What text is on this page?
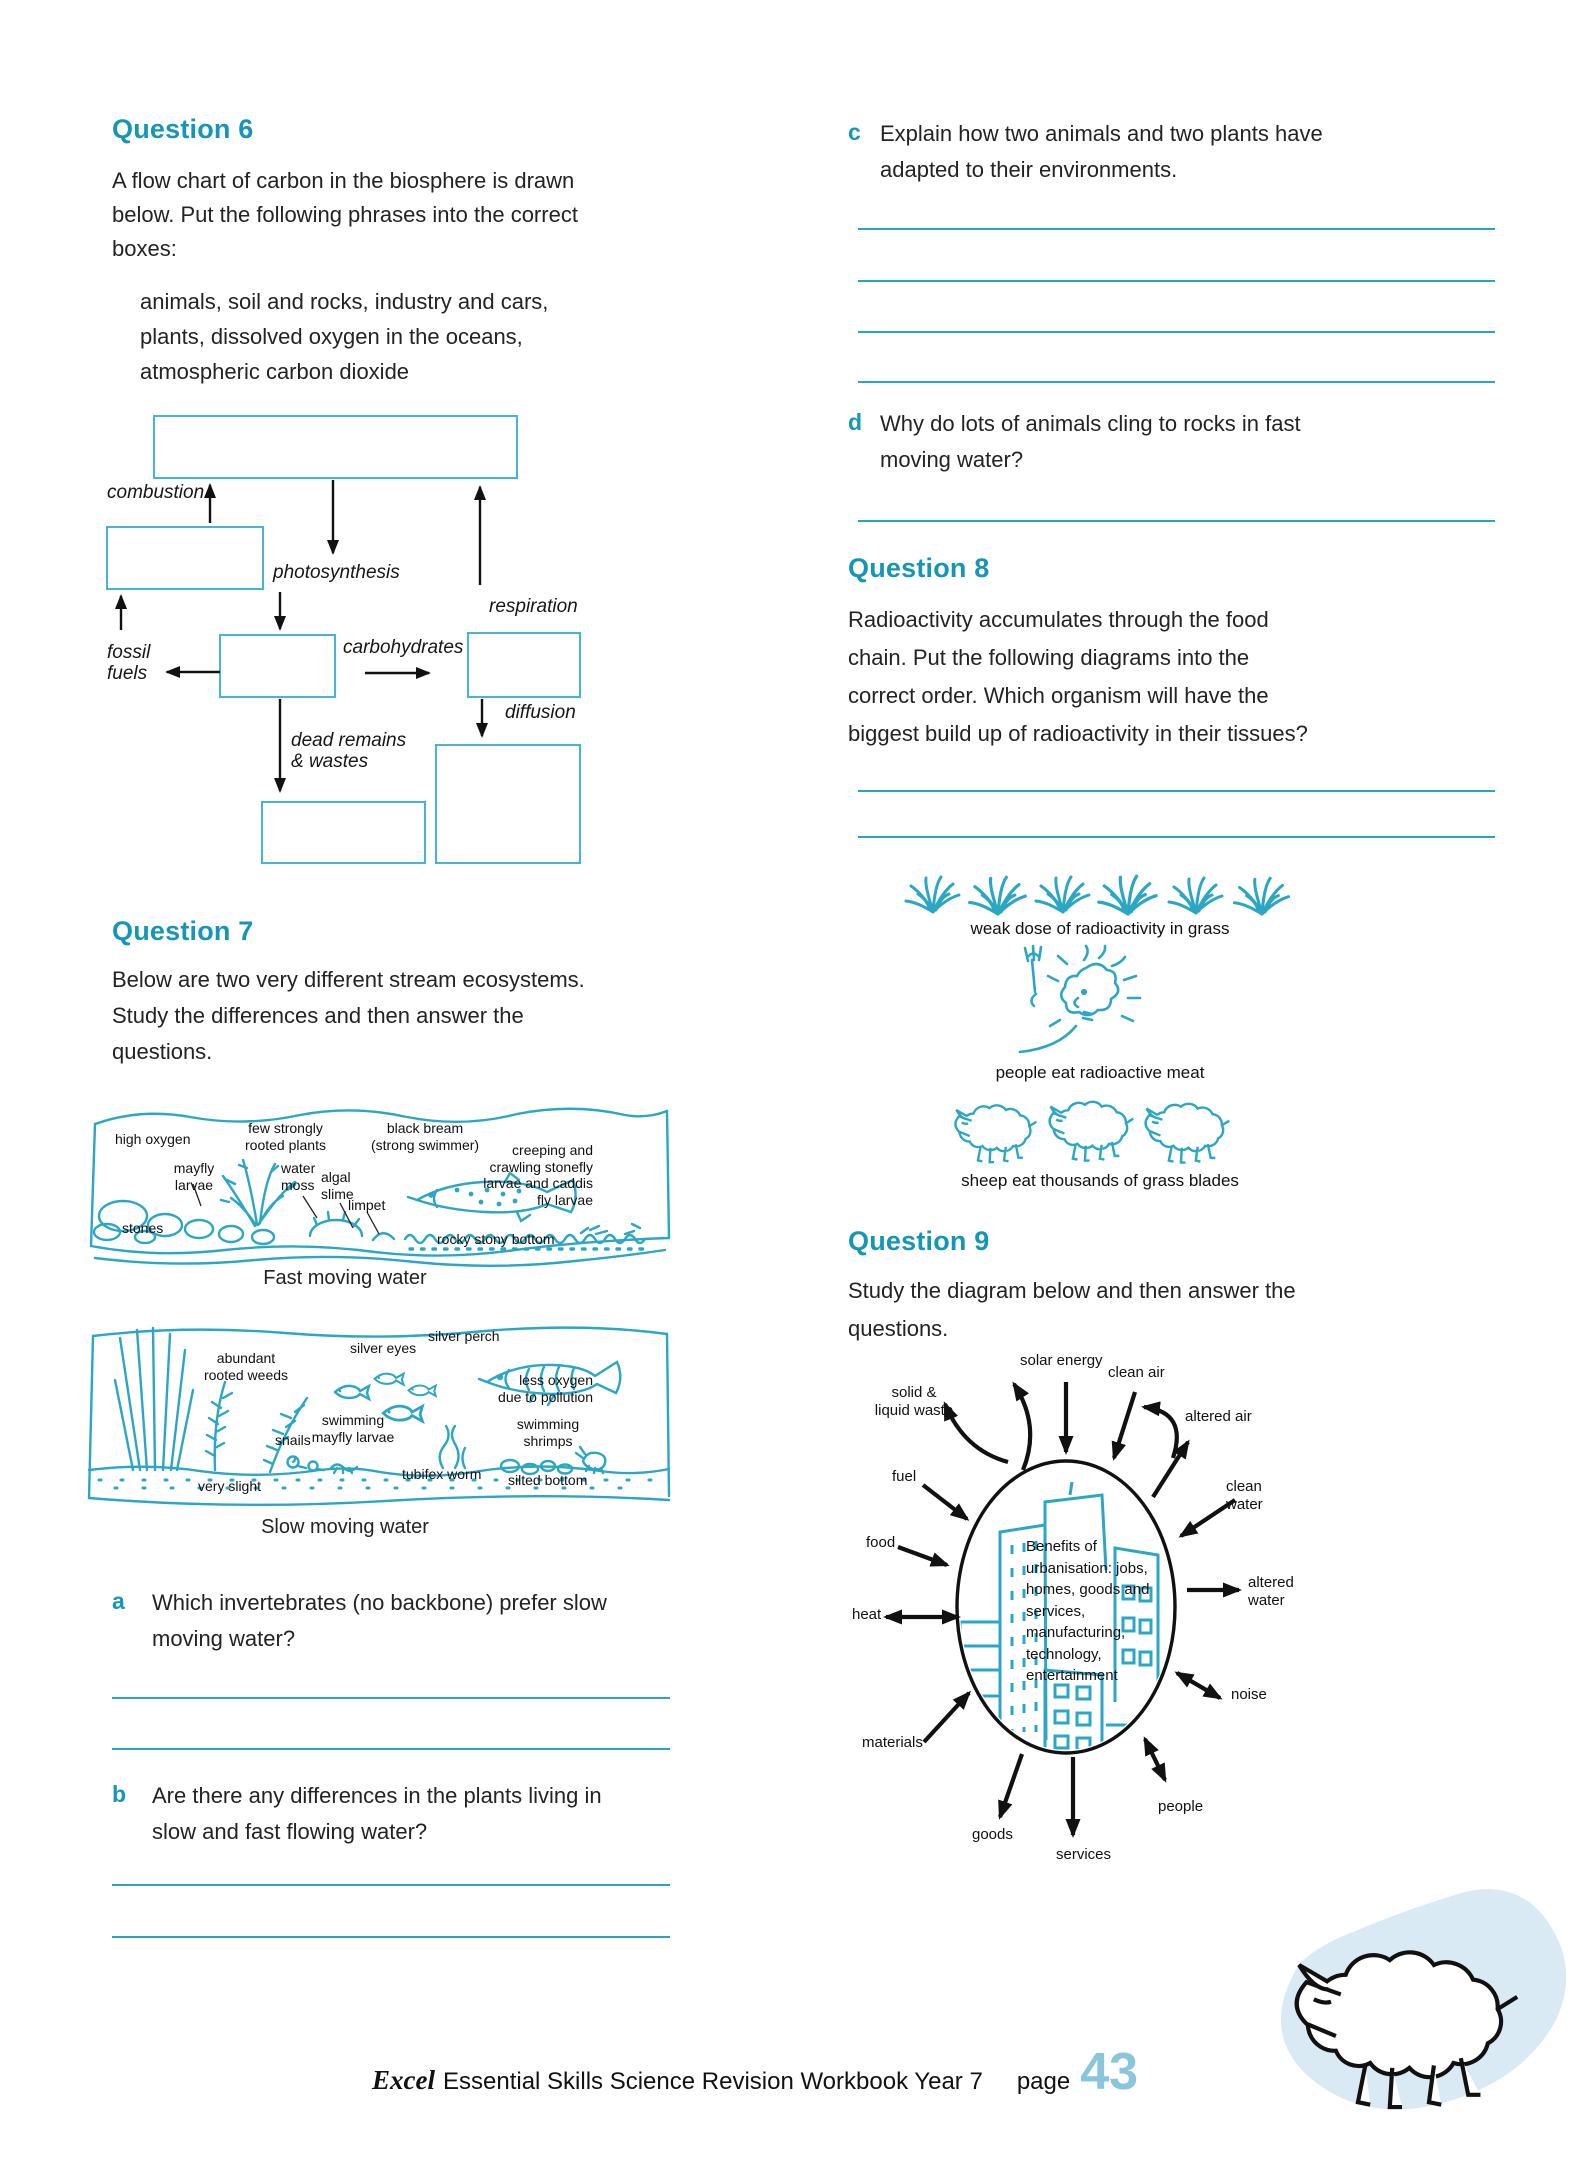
Question 6
A flow chart of carbon in the biosphere is drawn
below. Put the following phrases into the correct
boxes:
animals, soil and rocks, industry and cars,
plants, dissolved oxygen in the oceans,
atmospheric carbon dioxide
combustion
photosynthesis
respiration
carbohydrates
diffusion
fossil
fuels
dead remains
& wastes
Question 7
Below are two very different stream ecosystems.
Study the differences and then answer the
questions.
high oxygen
few strongly
rooted plants
black bream
(strong swimmer)	creeping and
crawling stonefly
larvae and caddis
fly larvae
mayfly
larvae
water
moss algal
slime
limpet
stones
rocky stony bottom
Fast moving water
abundant
rooted weeds
silver eyes
silver perch
less oxygen
due to pollution
snails
swimming
mayfly larvae
swimming
shrimps
tubifex worm silted bottom
very slight
Slow moving water
a Which invertebrates (no backbone) prefer slow
moving water?
b Are there any differences in the plants living in
slow and fast flowing water?
c Explain how two animals and two plants have
adapted to their environments.
d Why do lots of animals cling to rocks in fast
moving water?
Question 8
Radioactivity accumulates through the food
chain. Put the following diagrams into the
correct order. Which organism will have the
biggest build up of radioactivity in their tissues?
weak dose of radioactivity in grass
people eat radioactive meat
sheep eat thousands of grass blades
Question 9
Study the diagram below and then answer the
questions.
solid &
liquid waste
solar energy
clean air
altered air
clean
water
altered
water
noise
people
services
goods
materials
heat
food
fuel
Benefits of
urbanisation: jobs,
homes, goods and
services,
manufacturing,
technology,
entertainment
Excel Essential Skills Science Revision Workbook Year 7 page 43
